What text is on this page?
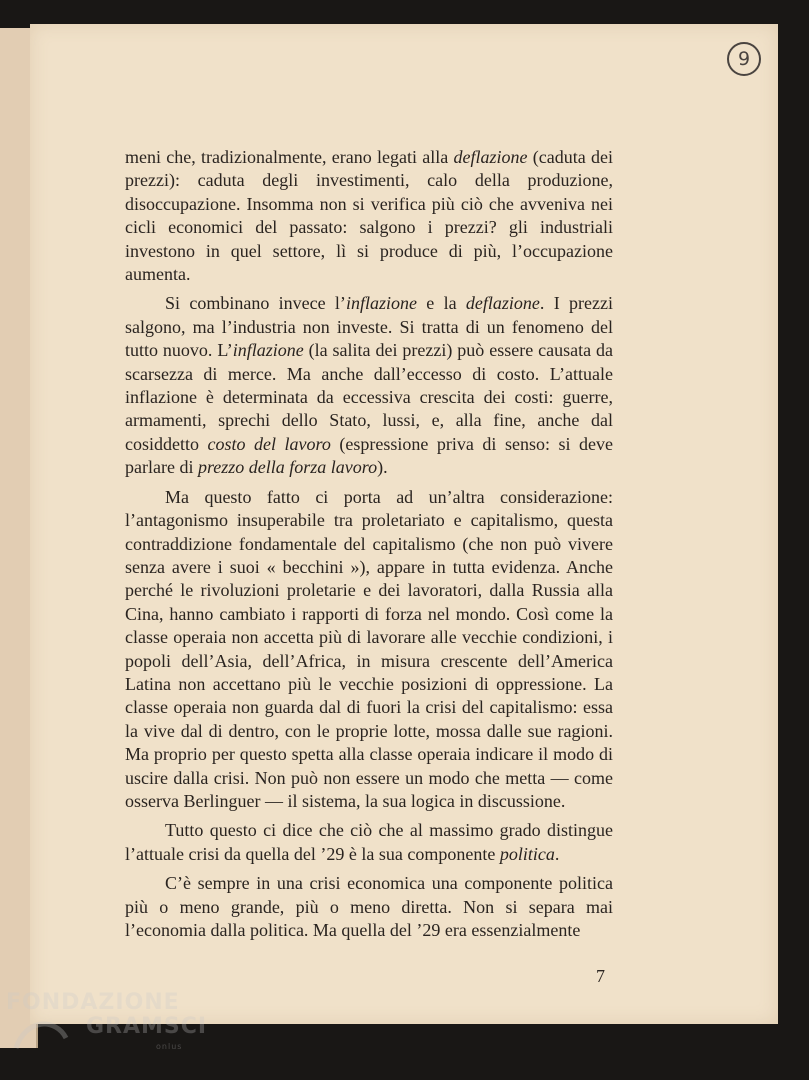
9

meni che, tradizionalmente, erano legati alla deflazione (caduta dei prezzi): caduta degli investimenti, calo della produzione, disoccupazione. Insomma non si verifica più ciò che avveniva nei cicli economici del passato: salgono i prezzi? gli industriali investono in quel settore, lì si produce di più, l’occupazione aumenta.

Si combinano invece l’inflazione e la deflazione. I prezzi salgono, ma l’industria non investe. Si tratta di un fenomeno del tutto nuovo. L’inflazione (la salita dei prezzi) può essere causata da scarsezza di merce. Ma anche dall’eccesso di costo. L’attuale inflazione è determinata da eccessiva crescita dei costi: guerre, armamenti, sprechi dello Stato, lussi, e, alla fine, anche dal cosiddetto costo del lavoro (espressione priva di senso: si deve parlare di prezzo della forza lavoro).

Ma questo fatto ci porta ad un’altra considerazione: l’antagonismo insuperabile tra proletariato e capitalismo, questa contraddizione fondamentale del capitalismo (che non può vivere senza avere i suoi « becchini »), appare in tutta evidenza. Anche perché le rivoluzioni proletarie e dei lavoratori, dalla Russia alla Cina, hanno cambiato i rapporti di forza nel mondo. Così come la classe operaia non accetta più di lavorare alle vecchie condizioni, i popoli dell’Asia, dell’Africa, in misura crescente dell’America Latina non accettano più le vecchie posizioni di oppressione. La classe operaia non guarda dal di fuori la crisi del capitalismo: essa la vive dal di dentro, con le proprie lotte, mossa dalle sue ragioni. Ma proprio per questo spetta alla classe operaia indicare il modo di uscire dalla crisi. Non può non essere un modo che metta — come osserva Berlinguer — il sistema, la sua logica in discussione.

Tutto questo ci dice che ciò che al massimo grado distingue l’attuale crisi da quella del ’29 è la sua componente politica.

C’è sempre in una crisi economica una componente politica più o meno grande, più o meno diretta. Non si separa mai l’economia dalla politica. Ma quella del ’29 era essenzialmente

7
FONDAZIONE
GRAMSCI
onlus
